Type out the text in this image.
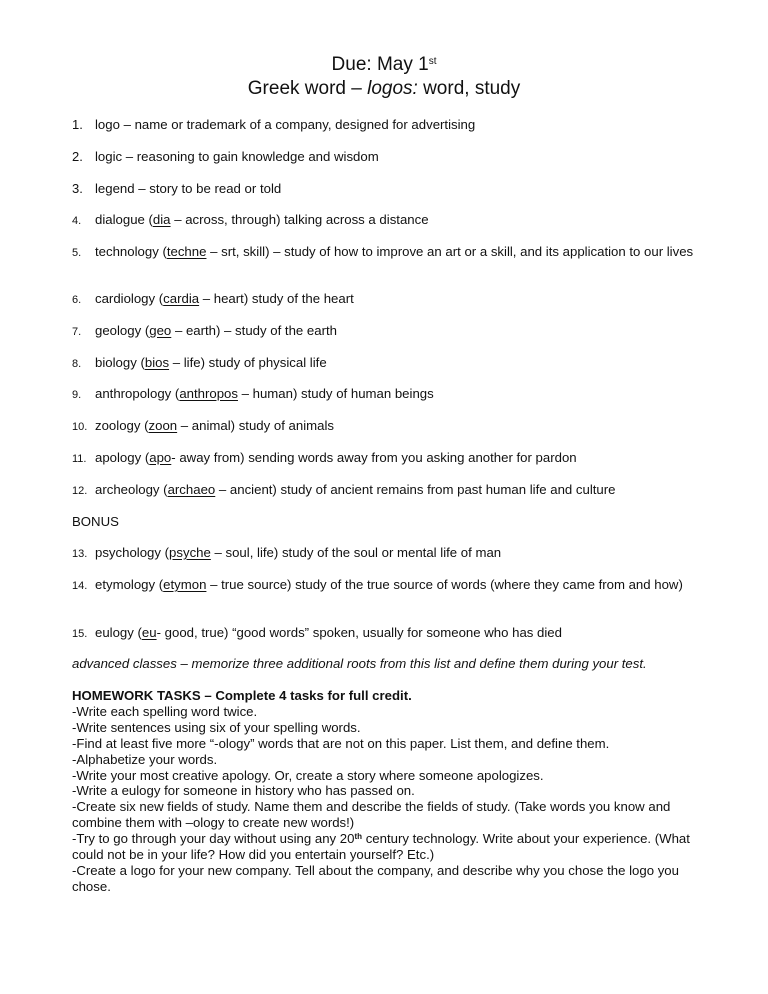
Due: May 1st
Greek word – logos: word, study
1. logo – name or trademark of a company, designed for advertising
2. logic – reasoning to gain knowledge and wisdom
3. legend – story to be read or told
4.	dialogue (dia – across, through) talking across a distance
5.	technology (techne – srt, skill) – study of how to improve an art or a skill, and its application to our lives
6.	cardiology (cardia – heart) study of the heart
7.	geology (geo – earth) – study of the earth
8.	biology (bios – life) study of physical life
9.	anthropology (anthropos – human) study of human beings
10. zoology (zoon – animal) study of animals
11. apology (apo- away from) sending words away from you asking another for pardon
12. archeology (archaeo – ancient) study of ancient remains from past human life and culture
BONUS
13. psychology (psyche – soul, life) study of the soul or mental life of man
14. etymology (etymon – true source) study of the true source of words (where they came from and how)
15. eulogy (eu- good, true) “good words” spoken, usually for someone who has died
advanced classes – memorize three additional roots from this list and define them during your test.
HOMEWORK TASKS – Complete 4 tasks for full credit.
-Write each spelling word twice.
-Write sentences using six of your spelling words.
-Find at least five more “-ology” words that are not on this paper. List them, and define them.
-Alphabetize your words.
-Write your most creative apology. Or, create a story where someone apologizes.
-Write a eulogy for someone in history who has passed on.
-Create six new fields of study. Name them and describe the fields of study. (Take words you know and combine them with –ology to create new words!)
-Try to go through your day without using any 20th century technology. Write about your experience. (What could not be in your life? How did you entertain yourself? Etc.)
-Create a logo for your new company. Tell about the company, and describe why you chose the logo you chose.
